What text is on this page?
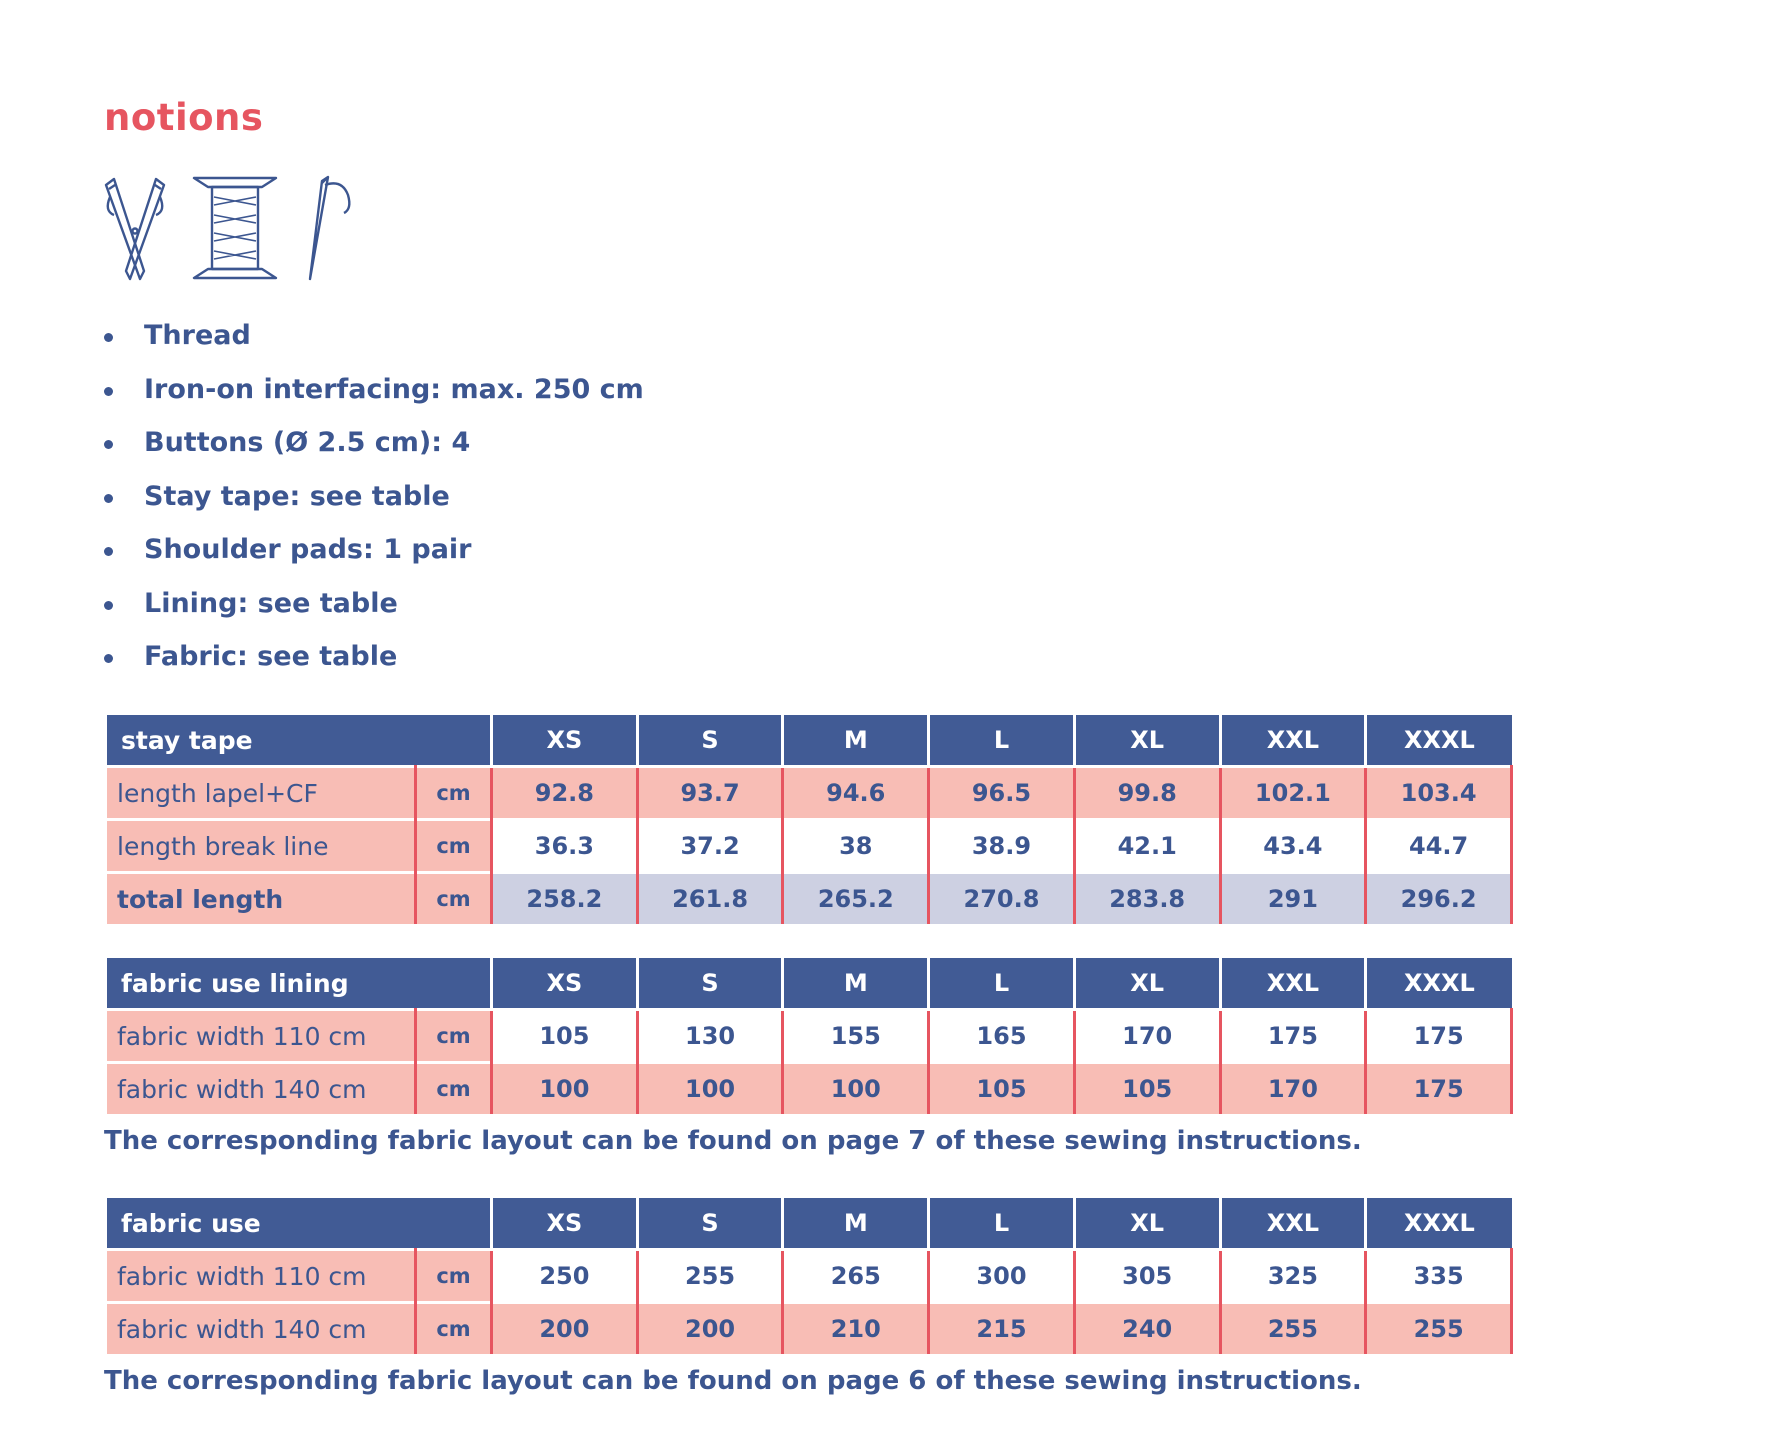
notions
Thread
Iron-on interfacing: max. 250 cm
Buttons (Ø 2.5 cm): 4
Stay tape: see table
Shoulder pads: 1 pair
Lining: see table
Fabric: see table
stay tape		XS	S	M	L	XL	XXL	XXXL
length lapel+CF	cm	92.8	93.7	94.6	96.5	99.8	102.1	103.4
length break line	cm	36.3	37.2	38	38.9	42.1	43.4	44.7
total length	cm	258.2	261.8	265.2	270.8	283.8	291	296.2
fabric use lining		XS	S	M	L	XL	XXL	XXXL
fabric width 110 cm	cm	105	130	155	165	170	175	175
fabric width 140 cm	cm	100	100	100	105	105	170	175

The corresponding fabric layout can be found on page 7 of these sewing instructions.

fabric use		XS	S	M	L	XL	XXL	XXXL
fabric width 110 cm	cm	250	255	265	300	305	325	335
fabric width 140 cm	cm	200	200	210	215	240	255	255

The corresponding fabric layout can be found on page 6 of these sewing instructions.
